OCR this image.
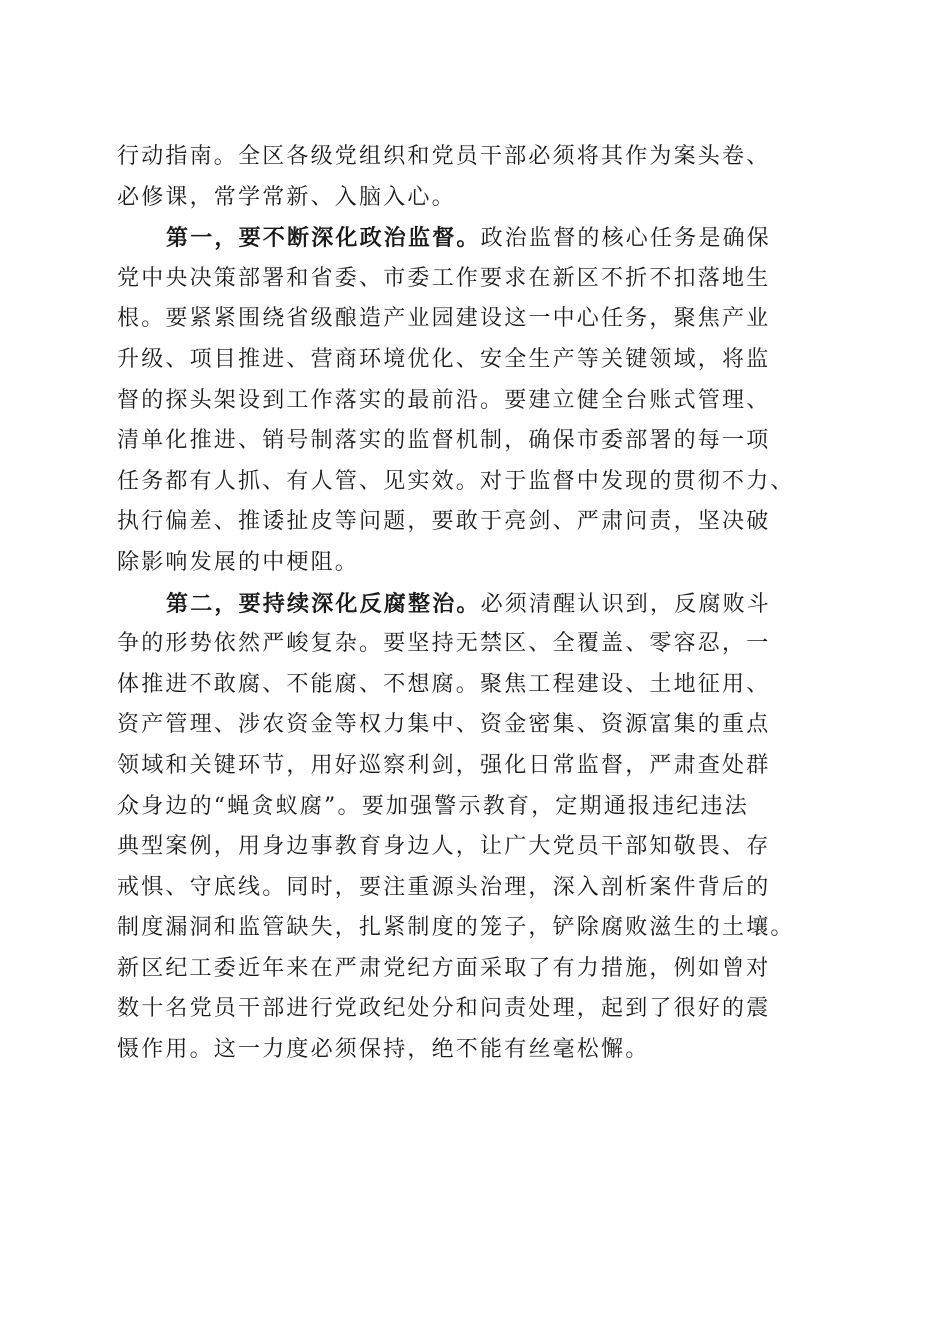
行动指南。全区各级党组织和党员干部必须将其作为案头卷、
必修课，常学常新、入脑入心。
第一，要不断深化政治监督。政治监督的核心任务是确保
党中央决策部署和省委、市委工作要求在新区不折不扣落地生
根。要紧紧围绕省级酿造产业园建设这一中心任务，聚焦产业
升级、项目推进、营商环境优化、安全生产等关键领域，将监
督的探头架设到工作落实的最前沿。要建立健全台账式管理、
清单化推进、销号制落实的监督机制，确保市委部署的每一项
任务都有人抓、有人管、见实效。对于监督中发现的贯彻不力、
执行偏差、推诿扯皮等问题，要敢于亮剑、严肃问责，坚决破
除影响发展的中梗阻。
第二，要持续深化反腐整治。必须清醒认识到，反腐败斗
争的形势依然严峻复杂。要坚持无禁区、全覆盖、零容忍，一
体推进不敢腐、不能腐、不想腐。聚焦工程建设、土地征用、
资产管理、涉农资金等权力集中、资金密集、资源富集的重点
领域和关键环节，用好巡察利剑，强化日常监督，严肃查处群
众身边的“蝇贪蚁腐”。要加强警示教育，定期通报违纪违法
典型案例，用身边事教育身边人，让广大党员干部知敬畏、存
戒惧、守底线。同时，要注重源头治理，深入剖析案件背后的
制度漏洞和监管缺失，扎紧制度的笼子，铲除腐败滋生的土壤。
新区纪工委近年来在严肃党纪方面采取了有力措施，例如曾对
数十名党员干部进行党政纪处分和问责处理，起到了很好的震
慑作用。这一力度必须保持，绝不能有丝毫松懈。
